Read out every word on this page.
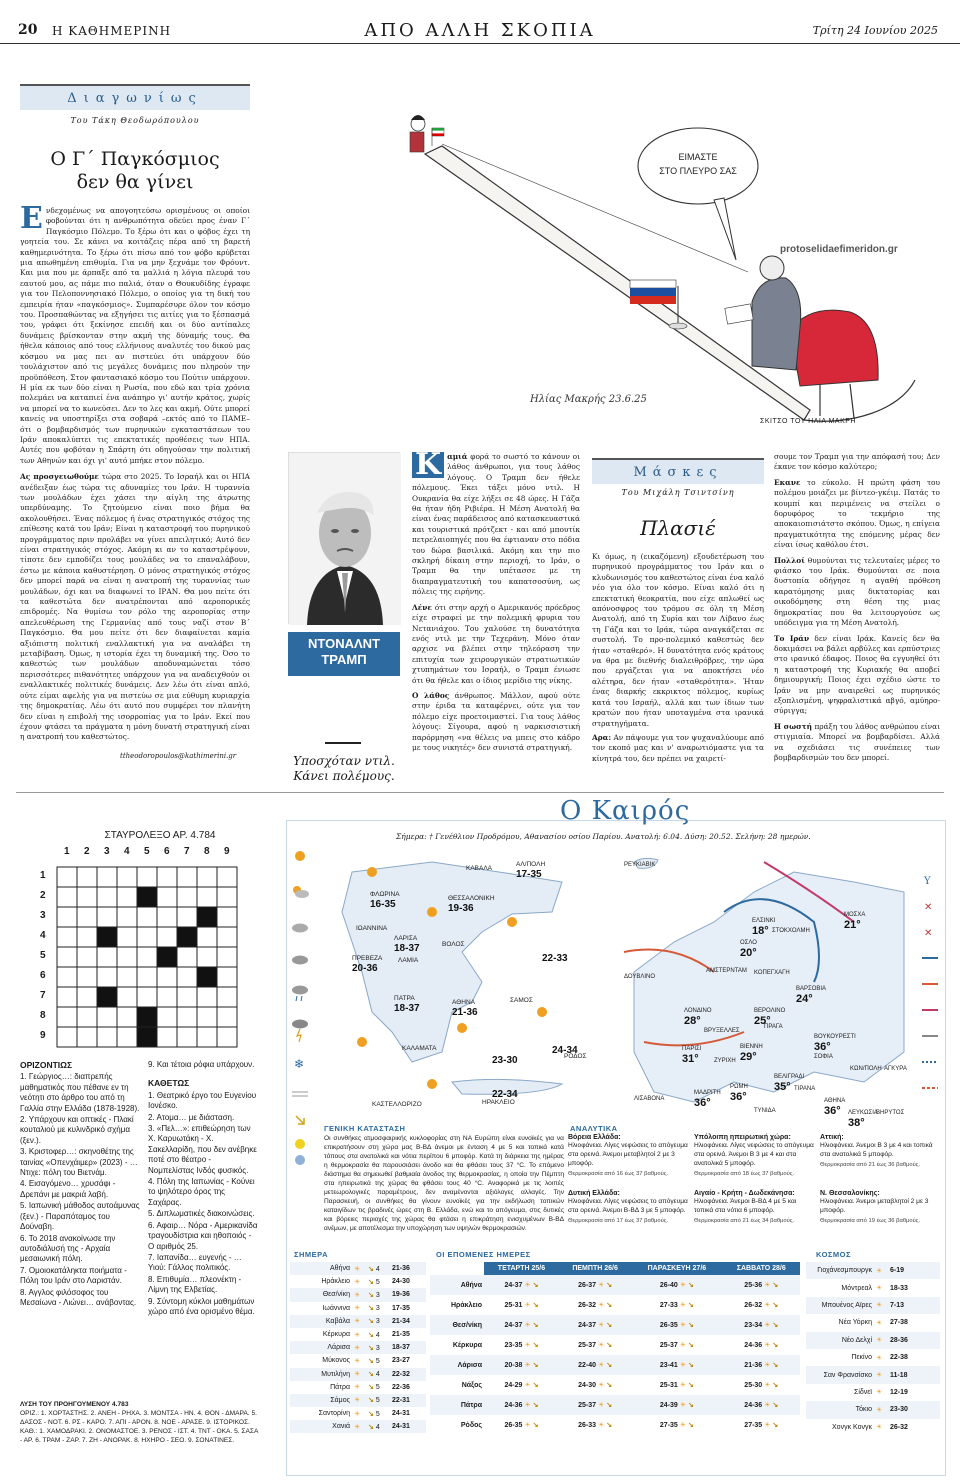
20 Η ΚΑΘΗΜΕΡΙΝΗ	ΑΠΟ ΑΛΛΗ ΣΚΟΠΙΑ	Τρίτη 24 Ιουνίου 2025
Διαγωνίως
Του Τάκη Θεοδωρόπουλου
Ο Γ΄ Παγκόσμιος
δεν θα γίνει
Ε ν​δεχομένως να απογοητεύσω ορισμένους οι οποίοι φοβούνται ότι η ανθρωπότητα οδεύει προς έναν Γ΄ Παγκόσμιο Πόλεμο. Το ξέρω ότι και ο φόβος έχει τη γοητεία του. Σε κάνει να κοιτάζεις πέρα από τη βαρετή καθημερινότητα. Το ξέρω ότι πίσω από τον φόβο κρύβεται μια απωθημένη επιθυμία. Για να μην ξεχνάμε τον Φρόυντ. Και μια που με άρπαξε από τα μαλλιά η λόγια πλευρά του εαυτού μου, ας πάμε πιο παλιά, όταν ο Θουκυδίδης έγραφε για τον Πελοποννησιακό Πόλεμο, ο οποίος για τη δική του εμπειρία ήταν «παγκόσμιος». Συμπαρέσυρε όλον τον κόσμο του. Προσπαθώντας να εξηγήσει τις αιτίες για το ξέσπασμά του, γράφει ότι ξεκίνησε επειδή και οι δύο αντίπαλες δυνάμεις βρίσκονταν στην ακμή της δύναμής τους. Θα ήθελα κάποιος από τους ελλήνιους αναλυτές του δικού μας κόσμου να μας πει αν πιστεύει ότι υπάρχουν δύο τουλάχιστον από τις μεγάλες δυνάμεις που πληρούν την προϋπόθεση. Στον φαντασιακό κόσμο του Πούτιν υπάρχουν. Η μία εκ των δύο είναι η Ρωσία, που εδώ και τρία χρόνια πολεμάει να καταπιεί ένα ανάπηρο γι' αυτήν κράτος, χωρίς να μπορεί να το κωνεύσει. Δεν το λες και ακμή. Ούτε μπορεί κανείς να υποστηρίξει στα σοβαρά –εκτός από το ΠΑΜΕ– ότι ο βομβαρδισμός των πυρηνικών εγκαταστάσεων του Ιράν αποκαλύπτει τις επεκτατικές προθέσεις των ΗΠΑ. Αυτές που φοβόταν η Σπάρτη ότι οδηγούσαν την πολιτική των Αθηνών και όχι γι' αυτό μπήκε στον πόλεμο.
Ας προσγειωθούμε τώρα στο 2025. Το Ισραήλ και οι ΗΠΑ ανέδειξαν έως τώρα τις αδυναμίες του Ιράν. Η τυραννία των μουλάδων έχει χάσει την αίγλη της άτρωτης υπερδύναμης. Το ζητούμενο είναι ποιο βήμα θα ακολουθήσει. Ένας πόλεμος ή ένας στρατηγικός στόχος της επίθεσης κατά του Ιράν; Είναι η καταστροφή του πυρηνικού προγράμματος πριν προλάβει να γίνει απειλητικό; Αυτό δεν είναι στρατηγικός στόχος. Ακόμη κι αν το καταστρέψουν, τίποτε δεν εμποδίζει τους μουλάδες να το επαναλάβουν, έστω με κάποια καθυστέρηση. Ο μόνος στρατηγικός στόχος δεν μπορεί παρά να είναι η ανατροπή της τυραννίας των μουλάδων, όχι και να διαφωνεί το ΙΡΑΝ. Θα μου πείτε ότι τα καθεστώτα δεν ανατρέπονται από αεροπορικές επιδρομές. Να θυμίσω τον ρόλο της αεροπορίας στην απελευθέρωση της Γερμανίας από τους ναζί στον Β΄ Παγκόσμιο. Θα μου πείτε ότι δεν διαφαίνεται καμία αξιόπιστη πολιτική εναλλακτική για να αναλάβει τη μεταβίβαση. Όμως, η ιστορία έχει τη δυναμική της. Όσο το καθεστώς των μουλάδων αποδυναμώνεται τόσο περισσότερες πιθανότητες υπάρχουν για να αναδειχθούν οι εναλλακτικές πολιτικές δυνάμεις. Δεν λέω ότι είναι απλό, ούτε είμαι αφελής για να πιστεύω σε μια εύθυμη κυριαρχία της δημοκρατίας. Λέω ότι αυτό που συμφέρει τον πλανήτη δεν είναι η επιβολή της ισορροπίας για το Ιράν. Εκεί που έχουν φτάσει τα πράγματα η μόνη δυνατή στρατηγική είναι η ανατροπή του καθεστώτος.
ttheodoropoulos@kathimerini.gr
ΕΙΜΑΣΤΕ
ΣΤΟ ΠΛΕΥΡΟ ΣΑΣ
Ηλίας Μακρής 23.6.25
protoselidaefimeridon.gr
ΣΚΙΤΣΟ ΤΟΥ ΗΛΙΑ ΜΑΚΡΗ
ΝΤΟΝΑΛΝΤ
ΤΡΑΜΠ
Υποσχόταν ντιλ.
Κάνει πολέμους.
Κ αμιά φορά το σωστό το κάνουν οι λάθος άνθρωποι, για τους λάθος λόγους. Ο Τραμπ δεν ήθελε πόλεμους. Έκει τάξει μόνο ντιλ. Η Ουκρανία θα είχε λήξει σε 48 ώρες. Η Γάζα θα ήταν ήδη Ριβιέρα. Η Μέση Ανατολή θα είναι ένας παράδεισος από κατασκευαστικά και τουριστικά πρότζεκτ - και από μπουτίκ πετρελαιοπηγές που θα έφτιαναν στο πόδια του δώρα βασιλικά. Ακόμη και την πιο σκληρή δίκαιη στην περιοχή, το Ιράν, ο Τραμπ θα την υπέτασσε με τη διαπραγματευτική του καπατσοσύνη, ως πόλεις της ειρήνης.
Λένε ότι στην αρχή ο Αμερικανός πρόεδρος είχε στραφεί με την πολεμική φρυρια του Νετανιάχου. Του χαλούσε τη δυνατότητα ενός ντιλ με την Τεχεράνη. Μόνο όταν αρχισε να βλέπει στην τηλεόραση την επιτυχία των χειρουργικών στρατιωτικών χτυπημάτων του Ισραήλ, ο Τραμπ ένιωσε ότι θα ήθελε και ο ίδιος μερίδιο της νίκης.
Ο λάθος άνθρωπος. Μάλλον, αφού ούτε στην έριδα τα καταφέρνει, ούτε για τον πόλεμο είχε προετοιμαστεί. Για τους λάθος λόγους: Σίγουρα, αφού η ναρκισσιστική παρόρμηση «να θέλεις να μπεις στο κάδρο με τους νικητές» δεν συνιστά στρατηγική.
Μάσκες
Του Μιχάλη Τσιντσίνη
Πλασιέ
Κι όμως, η (εικαζόμενη) εξουδετέρωση του πυρηνικού προγράμματος του Ιράν και ο κλυδωνισμός του καθεστώτος είναι ένα καλό νέο για όλο τον κόσμο. Είναι καλό ότι η επεκτατική θεοκρατία, που είχε απλωθεί ως απόνοσφρος του τρόμου σε όλη τη Μέση Ανατολή, από τη Συρία και τον Λίβανο έως τη Γάζα και το Ιράκ, τώρα αναγκάζεται σε συστολή. Το προ-πολεμικό καθεστώς δεν ήταν «σταθερό». Η δυνατότητα ενός κράτους να θρα με διεθνής διαλειθρόβρες, την ώρα που εργάζεται για να αποκτήσει νέο αλέτηρα, δεν ήταν «σταθερότητα». Ήταν ένας διαρκής εκκρικτος πόλεμος, κυρίως κατά του Ισραήλ, αλλά και των ίδιων των κρατών που ήταν υποταγμένα στα ιρανικά στρατηγήματα.
Αρα: Αν πάψουμε για τον ψυχαναλύουμε από τον εκοπό μας και ν' αναρωτιόμαστε για τα κίνητρά του, δεν πρέπει να χαιρετί-
σουμε τον Τραμπ για την απόφασή του; Δεν έκανε τον κόσμο καλύτερο;
Εκανε το εύκολο. Η πρώτη φάση του πολέμου μοιάζει με βίντεο-γκέιμ. Πατάς το κουμπί και περιμένεις να στείλει ο δορυφόρος το τεκμήριο της αποκαιοπισιάτστο σκόπου. Όμως, η επίγεια πραγματικότητα της επόμενης μέρας δεν είναι ίσως καθόλου έτσι.
Πολλοί θυμούνται τις τελευταίες μέρες το φιάσκο του Ιράκ. Θυμούνται σε ποια δυστοπία οδήγησε η αγαθή πρόθεση καρατόμησης μιας δικτατορίας και οικοδόμησης στη θέση της μιας δημοκρατίας που θα λειτουργούσε ως υπόδειγμα για τη Μέση Ανατολή.
Το Ιράν δεν είναι Ιράκ. Κανείς δεν θα δοκιμάσει να βάλει αρβύλες και ερπύστριες στο ιρανικό έδαφος. Ποιος θα εγγυηθεί ότι η καταστροφή της Κυριακής θα αποβεί δημιουργική; Ποιος έχει σχέδιο ώστε το Ιράν να μην αναιρεθεί ως πυρηνικός εξοπλισμένη, ψηφραλιστικά αβγό, αμύηρο-σύριγγα;
Η σωστή πράξη του λάθος ανθρώπου είναι στιγμιαία. Μπορεί να βομβαρδίσει. Αλλά να σχεδιάσει τις συνέπειες των βομβαρδισμών του δεν μπορεί.
ΣΤΑΥΡΟΛΕΞΟ ΑΡ. 4.784
1 2 3 4 5 6 7 8 9
1
2
3
4
5
6
7
8
9
ΟΡΙΖΟΝΤΙΩΣ
1. Γεώργιος…: διαπρεπής μαθηματικός που πέθανε εν τη νεότητι στο άρθρο του από τη Γαλλία στην Ελλάδα (1878-1928).
2. Υπάρχουν και οπτικές - Πλακί κουταλιού με κυλινδρικό σχήμα (ξεν.).
3. Κριστοφερ…: σκηνοθέτης της ταινίας «Οπενχάιμερ» (2023) - … Ντιχε: πόλη του Βιετνάμ.
4. Εισαγόμενο… χρυσάφι - Δρεπάνι με μακριά λαβή.
5. Ιαπωνική μάθοδος αυτοάμυνας (ξεν.) - Παραπόταμος του Δούναβη.
6. Το 2018 ανακοίνωσε την αυτοδιάλυσή της - Αρχαία μεσαιωνική πόλη.
7. Ομοιοκατάληκτα ποιήματα - Πόλη του Ιράν στο Λαριστάν.
8. Αγγλος φιλόσοφος του Μεσαίωνα - Λιώνει… ανάβοντας.
9. Και τέτοια ρόφια υπάρχουν.
ΚΑΘΕΤΩΣ
1. Θεατρικό έργο του Ευγενίου Ιονέσκο.
2. Ατομα… με διάσταση.
3. «Πελ…»: επιθεώρηση των Χ. Καρυωτάκη - Χ. Σακελλαρίδη, που δεν ανέβηκε ποτέ στο θέατρο - Νομπελίστας Ινδός φυσικός.
4. Πόλη της Ιαπωνίας - Κούνει το ψηλότερο όρος της Σαχάρας.
5. Διπλωματικές διακοινώσεις.
6. Αφαιρ… Νόρα - Αμερικανίδα τραγουδίστρια και ηθοποιός - Ο αριθμός 25.
7. Ιαπανίδα… ευγενής - … Υιού: Γάλλος πολιτικός.
8. Επιθυμία… πλεονέκτη - Λίμνη της Ελβετίας.
9. Σύντομη κύκλοι μαθημάτων χώρο από ένα ορισμένο θέμα.
ΛΥΣΗ ΤΟΥ ΠΡΟΗΓΟΥΜΕΝΟΥ 4.783
ΟΡΙΖ.: 1. ΧΟΡΤΑΣΤΗΣ. 2. ΑΝΕΗ - ΡΗΧΑ. 3. ΜΟΝΤΣΑ - ΗΝ. 4. ΘΟΝ - ΔΜΑΡΑ. 5. ΔΑΣΟΣ - ΝΟΤ. 6. ΡΣ - ΚΑΡΟ. 7. ΑΠΙ - ΑΡΟΝ. 8. ΝΟΕ - ΑΡΑΣΕ. 9. ΙΣΤΟΡΙΚΟΣ.
ΚΑΘ.: 1. ΧΑΜΟΔΡΑΚΙ. 2. ΟΝΟΜΑΣΤΟΕ. 3. ΡΕΝΟΣ - ΙΣΤ. 4. ΤΝΤ - ΟΚΑ. 5. ΣΑΣΑ - ΑΡ. 6. ΤΡΑΜ - ΖΑΡ. 7. ΖΗ - ΑΝΟΡΑΚ. 8. ΗΧΗΡΟ - ΣΕΟ. 9. ΣΟΝΑΤΙΝΕΣ.
Ο Καιρός
Σήμερα: † Γενέθλιον Προδρόμου, Αθανασίου οσίου Παρίου. Ανατολή: 6.04. Δύση: 20.52. Σελήνη: 28 ημερών.
❄
ΦΛΩΡΙΝΑ
16-35
ΚΑΒΑΛΑ
ΘΕΣΣΑΛΟΝΙΚΗ
19-36
ΑΛ/ΠΟΛΗ
17-35
ΙΩΑΝΝΙΝΑ
ΛΑΡΙΣΑ
18-37	ΒΟΛΟΣ
ΠΡΕΒΕΖΑ
20-36
ΛΑΜΙΑ	22-33
ΠΑΤΡΑ
18-37
ΑΘΗΝΑ
21-36
ΣΑΜΟΣ
ΚΑΛΑΜΑΤΑ
23-30
24-34
ΡΟΔΟΣ
22-34
ΚΑΣΤΕΛΛΟΡΙΖΟ	ΗΡΑΚΛΕΙΟ
ΡΕΥΚΙΑΒΙΚ
ΕΛΣΙΝΚΙ
18°
ΜΟΣΧΑ
21°
ΟΣΛΟ
20°
ΣΤΟΚΧΟΛΜΗ
ΚΟΠΕΓΧΑΓΗ
ΔΟΥΒΛΙΝΟ
ΑΜΣΤΕΡΝΤΑΜ
ΛΟΝΔΙΝΟ
28°
ΒΕΡΟΛΙΝΟ
25°
ΒΑΡΣΟΒΙΑ
24°
ΒΡΥΞΕΛΛΕΣ
ΠΡΑΓΑ
ΠΑΡΙΣΙ
31°
ΒΙΕΝΝΗ
29°
ΒΟΥΚΟΥΡΕΣΤΙ
36°
ΖΥΡΙΧΗ
ΒΕΛΙΓΡΑΔΙ
35°
ΣΟΦΙΑ
ΚΩΝ/ΠΟΛΗ ΑΓΚΥΡΑ
ΜΑΔΡΙΤΗ
36°
ΡΩΜΗ
36°
ΤΙΡΑΝΑ
ΛΙΣΑΒΟΝΑ
ΤΥΝΙΔΑ
ΑΘΗΝΑ
36° ΛΕΥΚΩΣΙΑ
38°
ΒΗΡΥΤΟΣ
Y
✕
✕
ΓΕΝΙΚΗ ΚΑΤΑΣΤΑΣΗ
Οι συνθήκες ατμοσφαιρικής κυκλοφορίας στη ΝΑ Ευρώπη είναι ευνοϊκές για να επικρατήσουν στη χώρα μας Β-ΒΔ άνεμοι με ένταση 4 με 5 και τοπικά κατά τόπους στα ανατολικά και νότια περίπου 6 μποφόρ. Κατά τη διάρκεια της ημέρας η θερμοκρασία θα παρουσιάσει άνοδο και θα φθάσει τους 37 °C. Το επόμενο διάστημα θα σημειωθεί βαθμιαία άνοδος της θερμοκρασίας, η οποία την Πέμπτη στα ηπειρωτικά της χώρας θα φθάσει τους 40 °C. Αναφορικά με τις λοιπές μετεωρολογικές παραμέτρους, δεν αναμένονται αξιόλογες αλλαγές. Την Παρασκευή, οι συνθήκες θα γίνουν ευνοϊκές για την εκδήλωση τοπικών καταιγίδων τις βραδινές ώρες στη Β. Ελλάδα, ενώ και το απόγευμα, στις δυτικές και βόρειες περιοχές της χώρας θα φτάσει η επικράτηση ενισχυμένων Β-ΒΔ ανέμων, με αποτέλεσμα την υποχώρηση των υψηλών θερμοκρασιών.
ΑΝΑΛΥΤΙΚΑ
Βόρεια Ελλάδα:
Ηλιοφάνεια. Λίγες νεφώσεις το απόγευμα στα ορεινά. Άνεμοι μεταβλητοί 2 με 3 μποφόρ.
Θερμοκρασία από 16 έως 37 βαθμούς.
Υπόλοιπη ηπειρωτική χώρα:
Ηλιοφάνεια. Λίγες νεφώσεις το απόγευμα στα ορεινά. Άνεμοι Β 3 με 4 και στα ανατολικά 5 μποφόρ.
Θερμοκρασία από 18 έως 37 βαθμούς.
Αττική:
Ηλιοφάνεια. Άνεμοι Β 3 με 4 και τοπικά στα ανατολικά 5 μποφόρ.
Θερμοκρασία από 21 έως 36 βαθμούς.
Δυτική Ελλάδα:
Ηλιοφάνεια. Λίγες νεφώσεις το απόγευμα στα ορεινά. Άνεμοι Β-ΒΔ 3 με 5 μποφόρ.
Θερμοκρασία από 17 έως 37 βαθμούς.
Αιγαίο - Κρήτη - Δωδεκάνησα:
Ηλιοφάνεια. Άνεμοι Β-ΒΔ 4 με 5 και τοπικά στα νότια 6 μποφόρ.
Θερμοκρασία από 21 έως 34 βαθμούς.
Ν. Θεσσαλονίκης:
Ηλιοφάνεια. Άνεμοι μεταβλητοί 2 με 3 μποφόρ.
Θερμοκρασία από 19 έως 36 βαθμούς.
ΣΗΜΕΡΑ
Αθήνα	☀	↘ 4	21-36
Ηράκλειο	☀	↘ 5	24-30
Θεσ/νίκη	☀	↘ 3	19-36
Ιωάννινα	☀	↘ 3	17-35
Καβάλα	☀	↘ 3	21-34
Κέρκυρα	☀	↘ 4	21-35
Λάρισα	☀	↘ 3	18-37
Μύκονος	☀	↘ 5	23-27
Μυτιλήνη	☀	↘ 4	22-32
Πάτρα	☀	↘ 5	22-36
Σάμος	☀	↘ 5	22-31
Σαντορίνη	☀	↘ 5	24-31
Χανιά	☀	↘ 4	24-31
ΟΙ ΕΠΟΜΕΝΕΣ ΗΜΕΡΕΣ
	ΤΕΤΑΡΤΗ 25/6	ΠΕΜΠΤΗ 26/6	ΠΑΡΑΣΚΕΥΗ 27/6	ΣΑΒΒΑΤΟ 28/6
Αθήνα	24-37 ☀ ↘	26-37 ☀ ↘	26-40 ☀ ↘	25-36 ☀ ↘
Ηράκλειο	25-31 ☀ ↘	26-32 ☀ ↘	27-33 ☀ ↘	26-32 ☀ ↘
Θεσ/νίκη	24-37 ☀ ↘	24-37 ☀ ↘	26-35 ☀ ↘	23-34 ☀ ↘
Κέρκυρα	23-35 ☀ ↘	25-37 ☀ ↘	25-37 ☀ ↘	24-36 ☀ ↘
Λάρισα	20-38 ☀ ↘	22-40 ☀ ↘	23-41 ☀ ↘	21-36 ☀ ↘
Νάξος	24-29 ☀ ↘	24-30 ☀ ↘	25-31 ☀ ↘	25-30 ☀ ↘
Πάτρα	24-36 ☀ ↘	25-37 ☀ ↘	24-39 ☀ ↘	24-36 ☀ ↘
Ρόδος	26-35 ☀ ↘	26-33 ☀ ↘	27-35 ☀ ↘	27-35 ☀ ↘
ΚΟΣΜΟΣ
Γιοχάνεσμπουργκ	☀	6-19
Μόντρεαλ	☀	18-33
Μπουένος Αϊρες	☀	7-13
Νέα Υόρκη	☀	27-38
Νέο Δελχί	☀	28-36
Πεκίνο	☀	22-38
Σαν Φρανσίσκο	☀	11-18
Σίδνεϊ	☀	12-19
Τόκιο	☀	23-30
Χονγκ Κονγκ	☀	26-32
